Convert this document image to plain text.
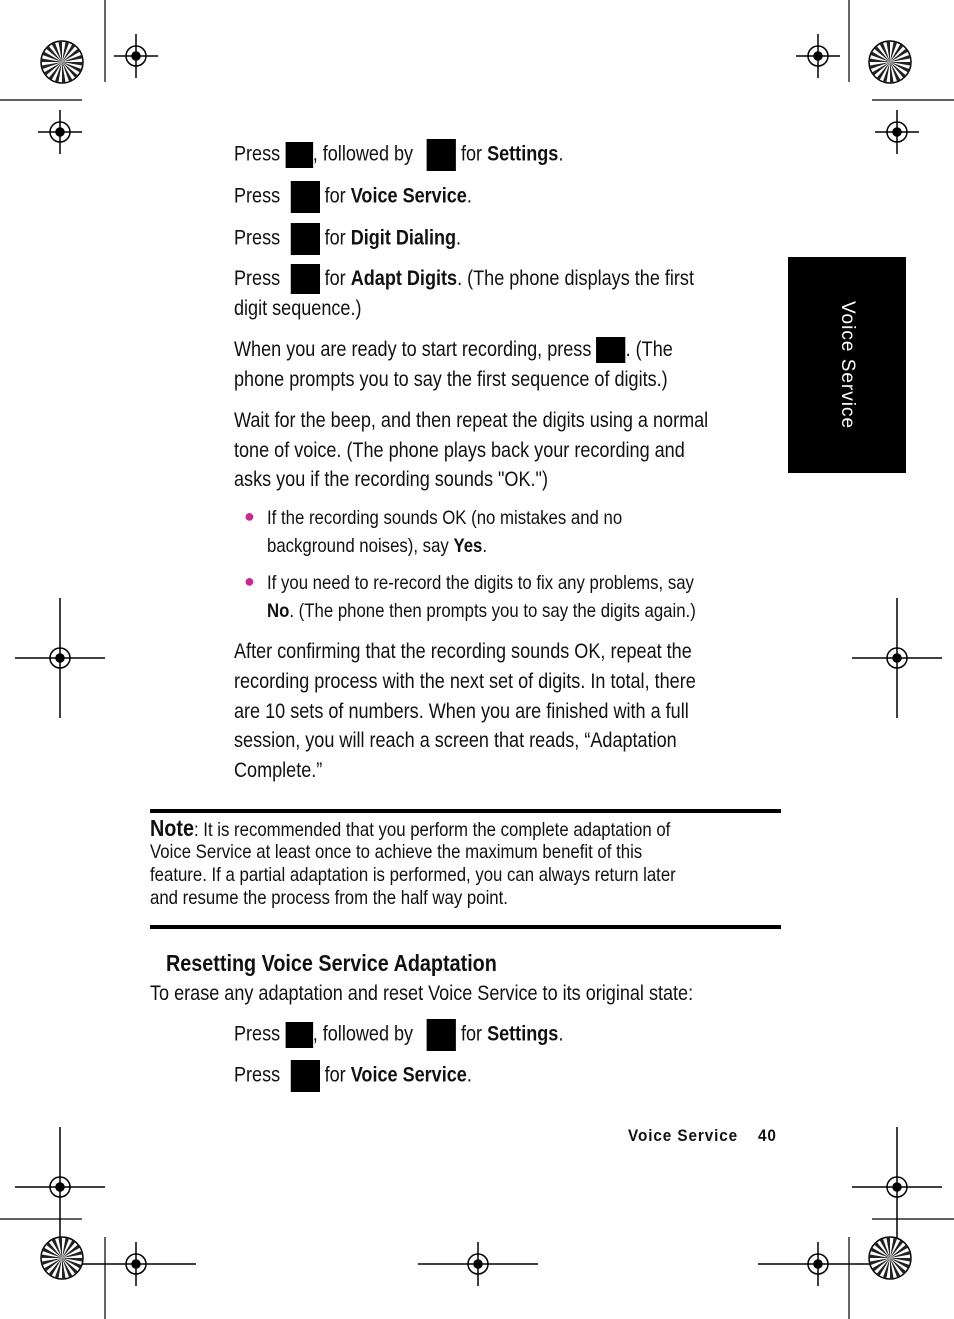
Voice Service
Press , followed by  for Settings.
Press  for Voice Service.
Press  for Digit Dialing.
Press  for Adapt Digits. (The phone displays the first
digit sequence.)
When you are ready to start recording, press . (The
phone prompts you to say the first sequence of digits.)
Wait for the beep, and then repeat the digits using a normal
tone of voice. (The phone plays back your recording and
asks you if the recording sounds "OK.")
● If the recording sounds OK (no mistakes and no
background noises), say Yes.
● If you need to re-record the digits to fix any problems, say
No. (The phone then prompts you to say the digits again.)
After confirming that the recording sounds OK, repeat the
recording process with the next set of digits. In total, there
are 10 sets of numbers. When you are finished with a full
session, you will reach a screen that reads, “Adaptation
Complete.”
Note: It is recommended that you perform the complete adaptation of
Voice Service at least once to achieve the maximum benefit of this
feature. If a partial adaptation is performed, you can always return later
and resume the process from the half way point.
Resetting Voice Service Adaptation
To erase any adaptation and reset Voice Service to its original state:
Press , followed by  for Settings.
Press  for Voice Service.
Voice Service 40
